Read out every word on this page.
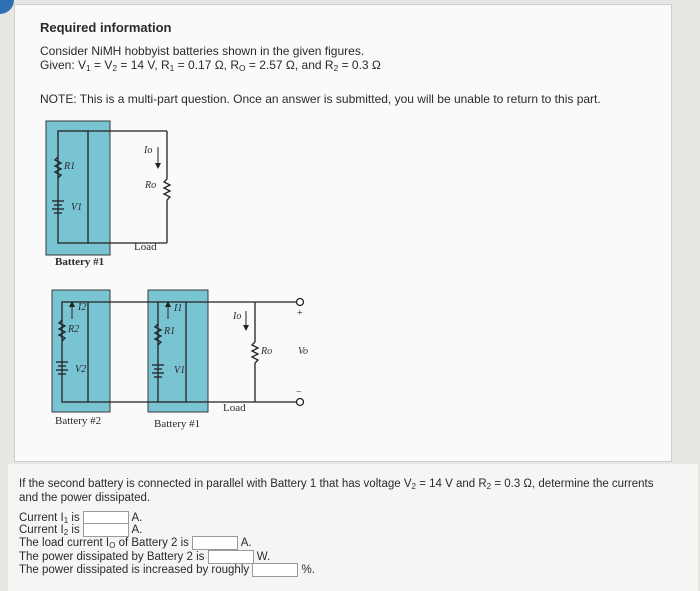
Required information
Consider NiMH hobbyist batteries shown in the given figures.
Given: $V_1 = V_2 = 14$ V, $R_1 = 0.17$ Ω, $R_O = 2.57$ Ω, and $R_2 = 0.3$ Ω
NOTE: This is a multi-part question. Once an answer is submitted, you will be unable to return to this part.
R1
V1
Io
Ro
Load
Battery #1
I2
R2
V2
Battery #2
I1
R1
V1
Battery #1
Io
Ro	Vo
+
−
Load
If the second battery is connected in parallel with Battery 1 that has voltage $V_2 = 14$ V and $R_2 = 0.3$ Ω, determine the currents
and the power dissipated.
Current $I_1$ is	A.
Current $I_2$ is	A.
The load current $I_O$ of Battery 2 is	A.
The power dissipated by Battery 2 is	W.
The power dissipated is increased by roughly	%.
